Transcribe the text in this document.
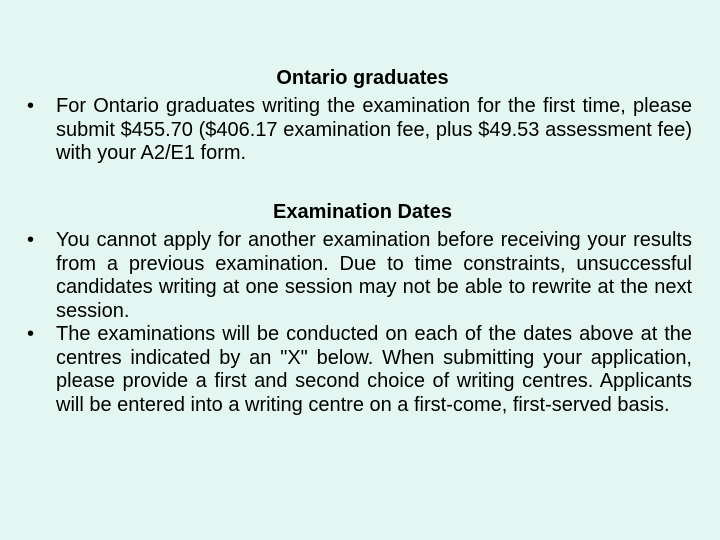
Ontario graduates
• For Ontario graduates writing the examination for the first time, please submit $455.70 ($406.17 examination fee, plus $49.53 assessment fee) with your A2/E1 form.
Examination Dates
• You cannot apply for another examination before receiving your results from a previous examination. Due to time constraints, unsuccessful candidates writing at one session may not be able to rewrite at the next session.
• The examinations will be conducted on each of the dates above at the centres indicated by an "X" below. When submitting your application, please provide a first and second choice of writing centres. Applicants will be entered into a writing centre on a first-come, first-served basis.
